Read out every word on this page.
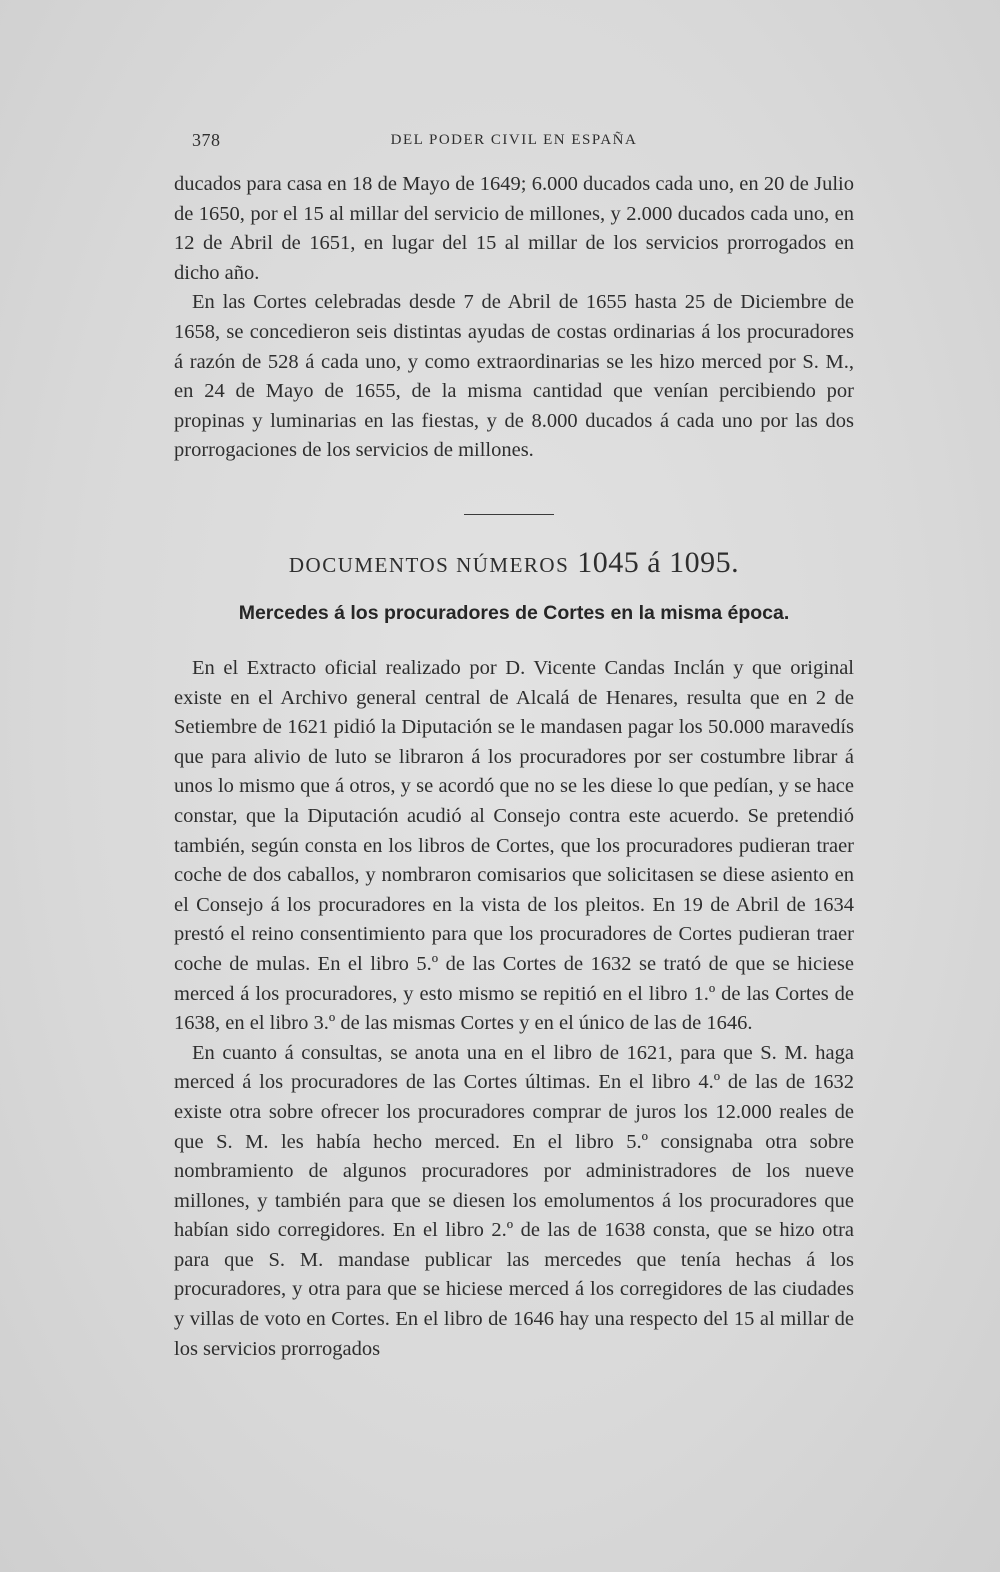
378	DEL PODER CIVIL EN ESPAÑA

ducados para casa en 18 de Mayo de 1649; 6.000 ducados cada uno, en 20 de Julio de 1650, por el 15 al millar del servicio de millones, y 2.000 ducados cada uno, en 12 de Abril de 1651, en lugar del 15 al millar de los servicios prorrogados en dicho año.

En las Cortes celebradas desde 7 de Abril de 1655 hasta 25 de Diciembre de 1658, se concedieron seis distintas ayudas de costas ordinarias á los procuradores á razón de 528 á cada uno, y como extraordinarias se les hizo merced por S. M., en 24 de Mayo de 1655, de la misma cantidad que venían percibiendo por propinas y luminarias en las fiestas, y de 8.000 ducados á cada uno por las dos prorrogaciones de los servicios de millones.

DOCUMENTOS NÚMEROS 1045 á 1095.
Mercedes á los procuradores de Cortes en la misma época.

En el Extracto oficial realizado por D. Vicente Candas Inclán y que original existe en el Archivo general central de Alcalá de Henares, resulta que en 2 de Setiembre de 1621 pidió la Diputación se le mandasen pagar los 50.000 maravedís que para alivio de luto se libraron á los procuradores por ser costumbre librar á unos lo mismo que á otros, y se acordó que no se les diese lo que pedían, y se hace constar, que la Diputación acudió al Consejo contra este acuerdo. Se pretendió también, según consta en los libros de Cortes, que los procuradores pudieran traer coche de dos caballos, y nombraron comisarios que solicitasen se diese asiento en el Consejo á los procuradores en la vista de los pleitos. En 19 de Abril de 1634 prestó el reino consentimiento para que los procuradores de Cortes pudieran traer coche de mulas. En el libro 5.º de las Cortes de 1632 se trató de que se hiciese merced á los procuradores, y esto mismo se repitió en el libro 1.º de las Cortes de 1638, en el libro 3.º de las mismas Cortes y en el único de las de 1646.

En cuanto á consultas, se anota una en el libro de 1621, para que S. M. haga merced á los procuradores de las Cortes últimas. En el libro 4.º de las de 1632 existe otra sobre ofrecer los procuradores comprar de juros los 12.000 reales de que S. M. les había hecho merced. En el libro 5.º consignaba otra sobre nombramiento de algunos procuradores por administradores de los nueve millones, y también para que se diesen los emolumentos á los procuradores que habían sido corregidores. En el libro 2.º de las de 1638 consta, que se hizo otra para que S. M. mandase publicar las mercedes que tenía hechas á los procuradores, y otra para que se hiciese merced á los corregidores de las ciudades y villas de voto en Cortes. En el libro de 1646 hay una respecto del 15 al millar de los servicios prorrogados
